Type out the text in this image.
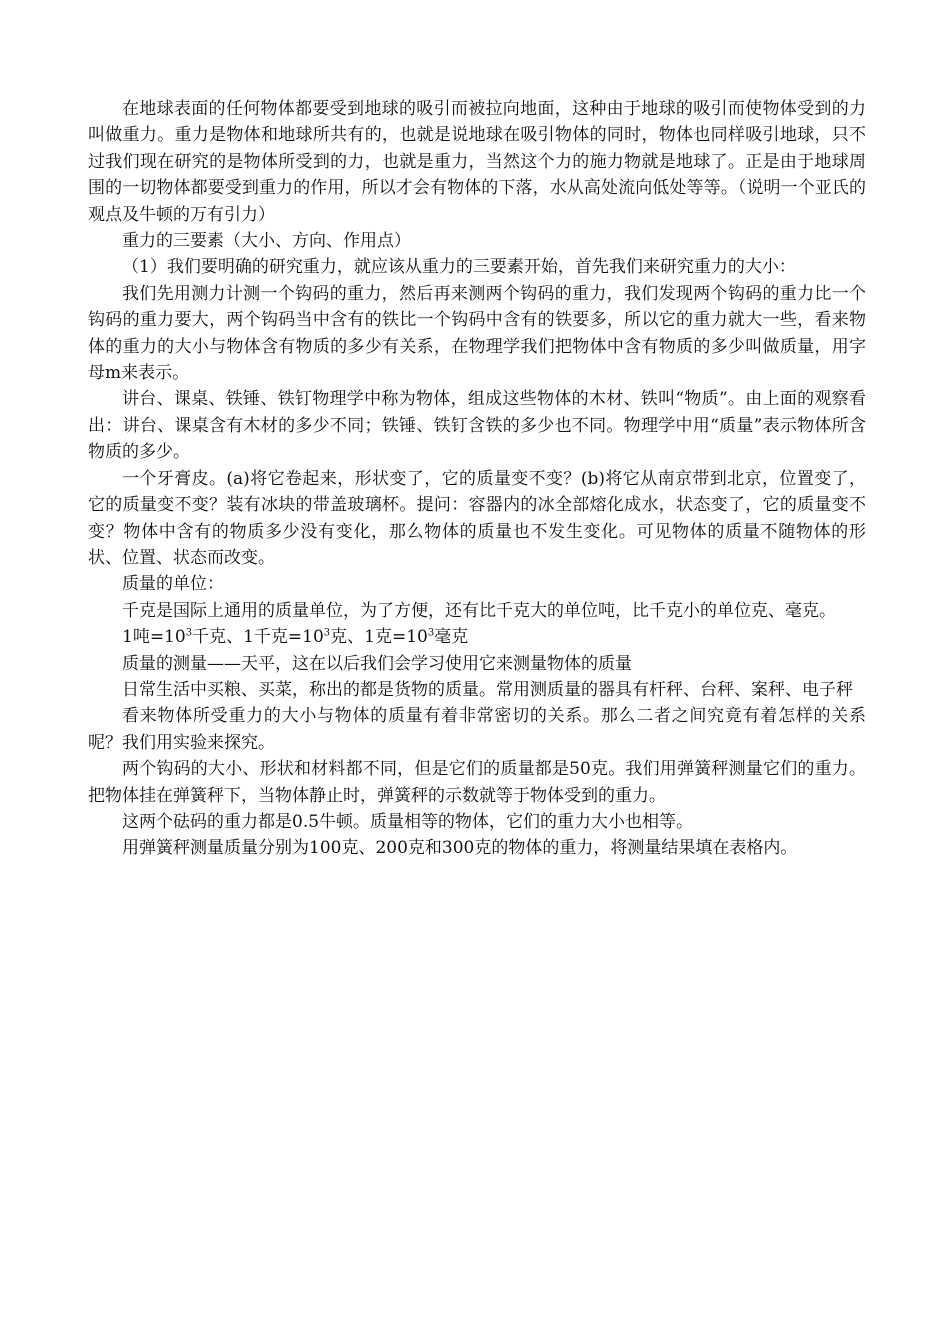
在地球表面的任何物体都要受到地球的吸引而被拉向地面，这种由于地球的吸引而使物体受到的力叫做重力。重力是物体和地球所共有的，也就是说地球在吸引物体的同时，物体也同样吸引地球，只不过我们现在研究的是物体所受到的力，也就是重力，当然这个力的施力物就是地球了。正是由于地球周围的一切物体都要受到重力的作用，所以才会有物体的下落，水从高处流向低处等等。（说明一个亚氏的观点及牛顿的万有引力）

重力的三要素（大小、方向、作用点）

（1）我们要明确的研究重力，就应该从重力的三要素开始，首先我们来研究重力的大小：

我们先用测力计测一个钩码的重力，然后再来测两个钩码的重力，我们发现两个钩码的重力比一个钩码的重力要大，两个钩码当中含有的铁比一个钩码中含有的铁要多，所以它的重力就大一些，看来物体的重力的大小与物体含有物质的多少有关系，在物理学我们把物体中含有物质的多少叫做质量，用字母m来表示。

讲台、课桌、铁锤、铁钉物理学中称为物体，组成这些物体的木材、铁叫“物质”。由上面的观察看出：讲台、课桌含有木材的多少不同；铁锤、铁钉含铁的多少也不同。物理学中用“质量”表示物体所含物质的多少。

一个牙膏皮。(a)将它卷起来，形状变了，它的质量变不变？(b)将它从南京带到北京，位置变了，它的质量变不变？装有冰块的带盖玻璃杯。提问：容器内的冰全部熔化成水，状态变了，它的质量变不变？物体中含有的物质多少没有变化，那么物体的质量也不发生变化。可见物体的质量不随物体的形状、位置、状态而改变。

质量的单位：

千克是国际上通用的质量单位，为了方便，还有比千克大的单位吨，比千克小的单位克、毫克。

1吨$=10^3$千克、1千克$=10^3$克、1克$=10^3$毫克

质量的测量——天平，这在以后我们会学习使用它来测量物体的质量

日常生活中买粮、买菜，称出的都是货物的质量。常用测质量的器具有杆秤、台秤、案秤、电子秤

看来物体所受重力的大小与物体的质量有着非常密切的关系。那么二者之间究竟有着怎样的关系呢？我们用实验来探究。

两个钩码的大小、形状和材料都不同，但是它们的质量都是50克。我们用弹簧秤测量它们的重力。把物体挂在弹簧秤下，当物体静止时，弹簧秤的示数就等于物体受到的重力。

这两个砝码的重力都是0.5牛顿。质量相等的物体，它们的重力大小也相等。

用弹簧秤测量质量分别为100克、200克和300克的物体的重力，将测量结果填在表格内。
